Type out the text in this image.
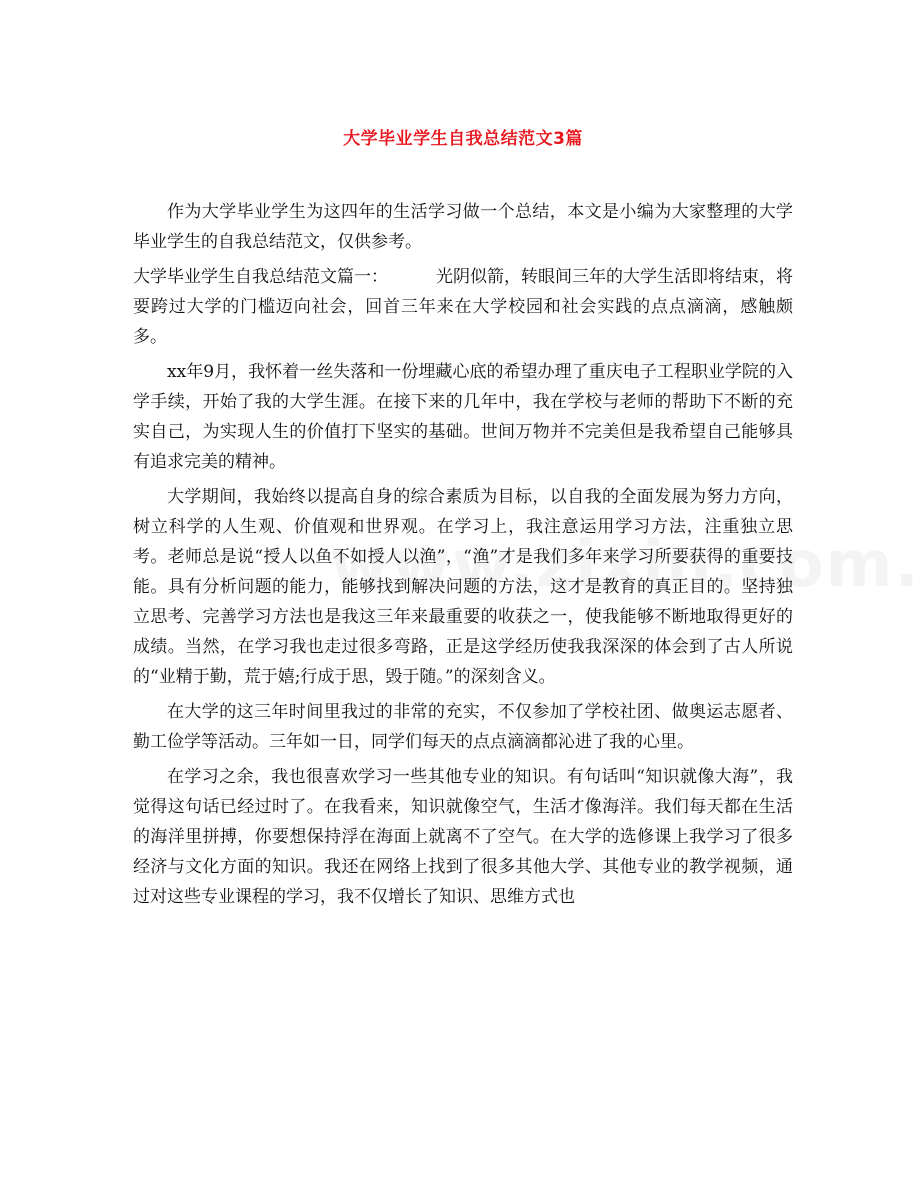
大学毕业学生自我总结范文3篇

作为大学毕业学生为这四年的生活学习做一个总结，本文是小编为大家整理的大学毕业学生的自我总结范文，仅供参考。

大学毕业学生自我总结范文篇一：	光阴似箭，转眼间三年的大学生活即将结束，将要跨过大学的门槛迈向社会，回首三年来在大学校园和社会实践的点点滴滴，感触颇多。

xx年9月，我怀着一丝失落和一份埋藏心底的希望办理了重庆电子工程职业学院的入学手续，开始了我的大学生涯。在接下来的几年中，我在学校与老师的帮助下不断的充实自己，为实现人生的价值打下坚实的基础。世间万物并不完美但是我希望自己能够具有追求完美的精神。

大学期间，我始终以提高自身的综合素质为目标，以自我的全面发展为努力方向，树立科学的人生观、价值观和世界观。在学习上，我注意运用学习方法，注重独立思考。老师总是说“授人以鱼不如授人以渔”，“渔”才是我们多年来学习所要获得的重要技能。具有分析问题的能力，能够找到解决问题的方法，这才是教育的真正目的。坚持独立思考、完善学习方法也是我这三年来最重要的收获之一，使我能够不断地取得更好的成绩。当然，在学习我也走过很多弯路，正是这学经历使我我深深的体会到了古人所说的“业精于勤，荒于嬉;行成于思，毁于随。”的深刻含义。

在大学的这三年时间里我过的非常的充实，不仅参加了学校社团、做奥运志愿者、勤工俭学等活动。三年如一日，同学们每天的点点滴滴都沁进了我的心里。

在学习之余，我也很喜欢学习一些其他专业的知识。有句话叫“知识就像大海”，我觉得这句话已经过时了。在我看来，知识就像空气，生活才像海洋。我们每天都在生活的海洋里拼搏，你要想保持浮在海面上就离不了空气。在大学的选修课上我学习了很多经济与文化方面的知识。我还在网络上找到了很多其他大学、其他专业的教学视频，通过对这些专业课程的学习，我不仅增长了知识、思维方式也
